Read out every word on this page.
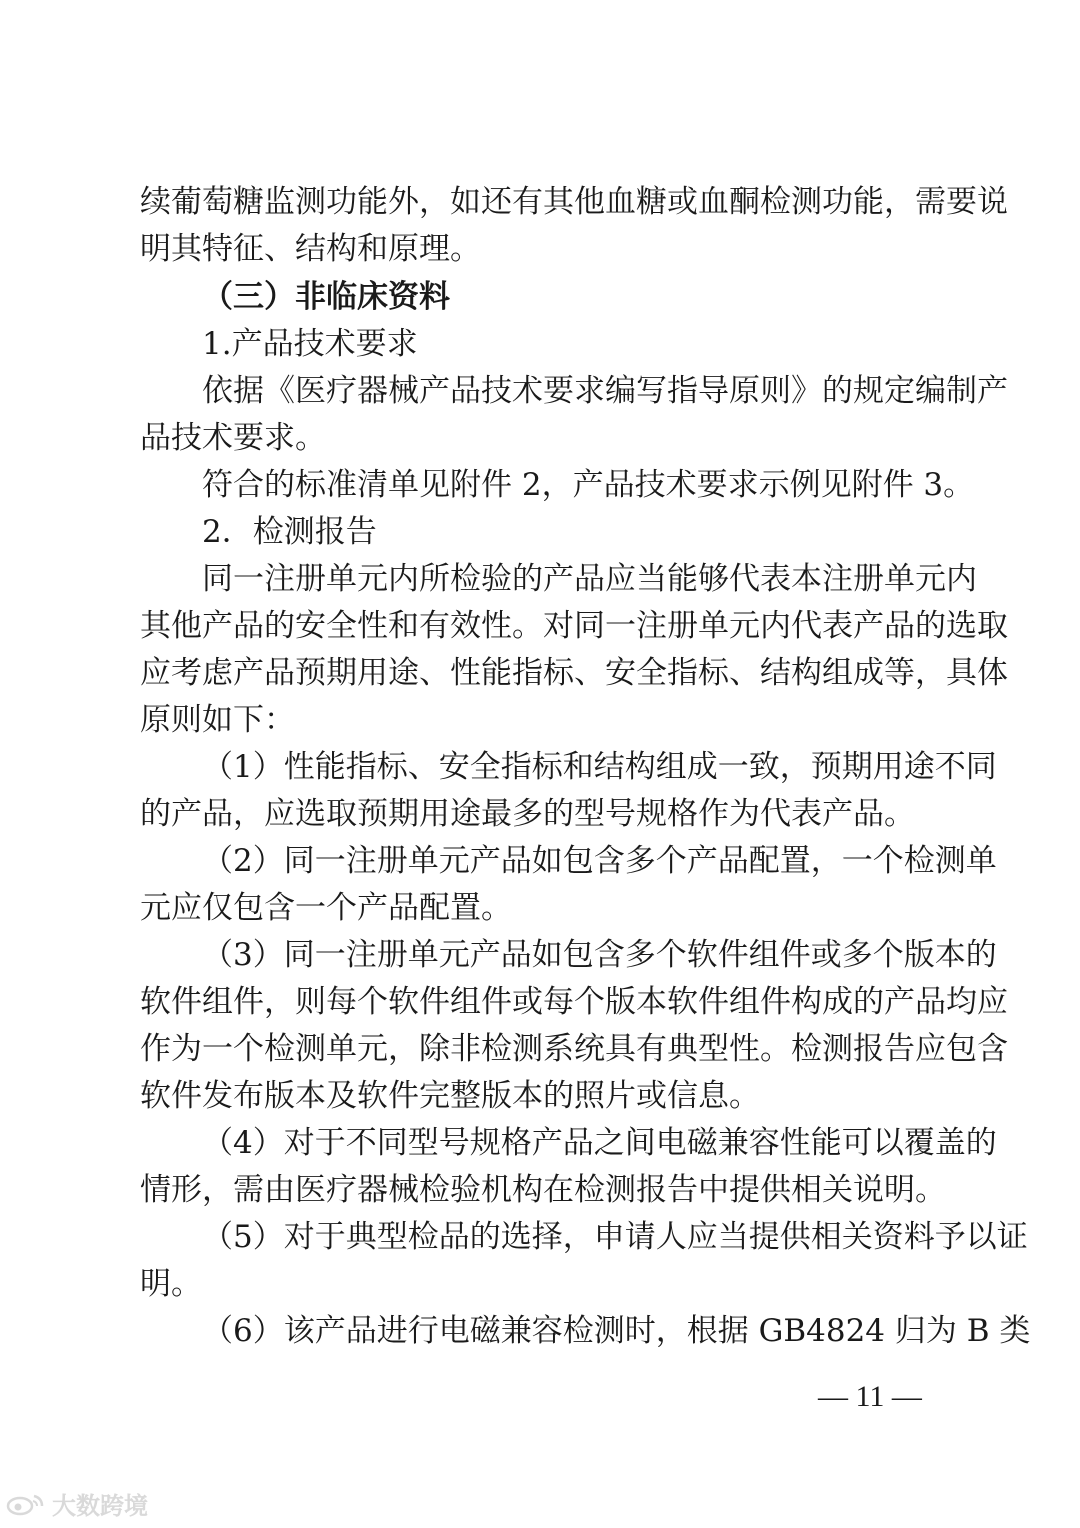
续葡萄糖监测功能外，如还有其他血糖或血酮检测功能，需要说
明其特征、结构和原理。
（三）非临床资料
1.产品技术要求
依据《医疗器械产品技术要求编写指导原则》的规定编制产
品技术要求。
符合的标准清单见附件 2，产品技术要求示例见附件 3。
2．检测报告
同一注册单元内所检验的产品应当能够代表本注册单元内
其他产品的安全性和有效性。对同一注册单元内代表产品的选取
应考虑产品预期用途、性能指标、安全指标、结构组成等，具体
原则如下：
（1）性能指标、安全指标和结构组成一致，预期用途不同
的产品，应选取预期用途最多的型号规格作为代表产品。
（2）同一注册单元产品如包含多个产品配置，一个检测单
元应仅包含一个产品配置。
（3）同一注册单元产品如包含多个软件组件或多个版本的
软件组件，则每个软件组件或每个版本软件组件构成的产品均应
作为一个检测单元，除非检测系统具有典型性。检测报告应包含
软件发布版本及软件完整版本的照片或信息。
（4）对于不同型号规格产品之间电磁兼容性能可以覆盖的
情形，需由医疗器械检验机构在检测报告中提供相关说明。
（5）对于典型检品的选择，申请人应当提供相关资料予以证
明。
（6）该产品进行电磁兼容检测时，根据 GB4824 归为 B 类
— 11 —
大数跨境
